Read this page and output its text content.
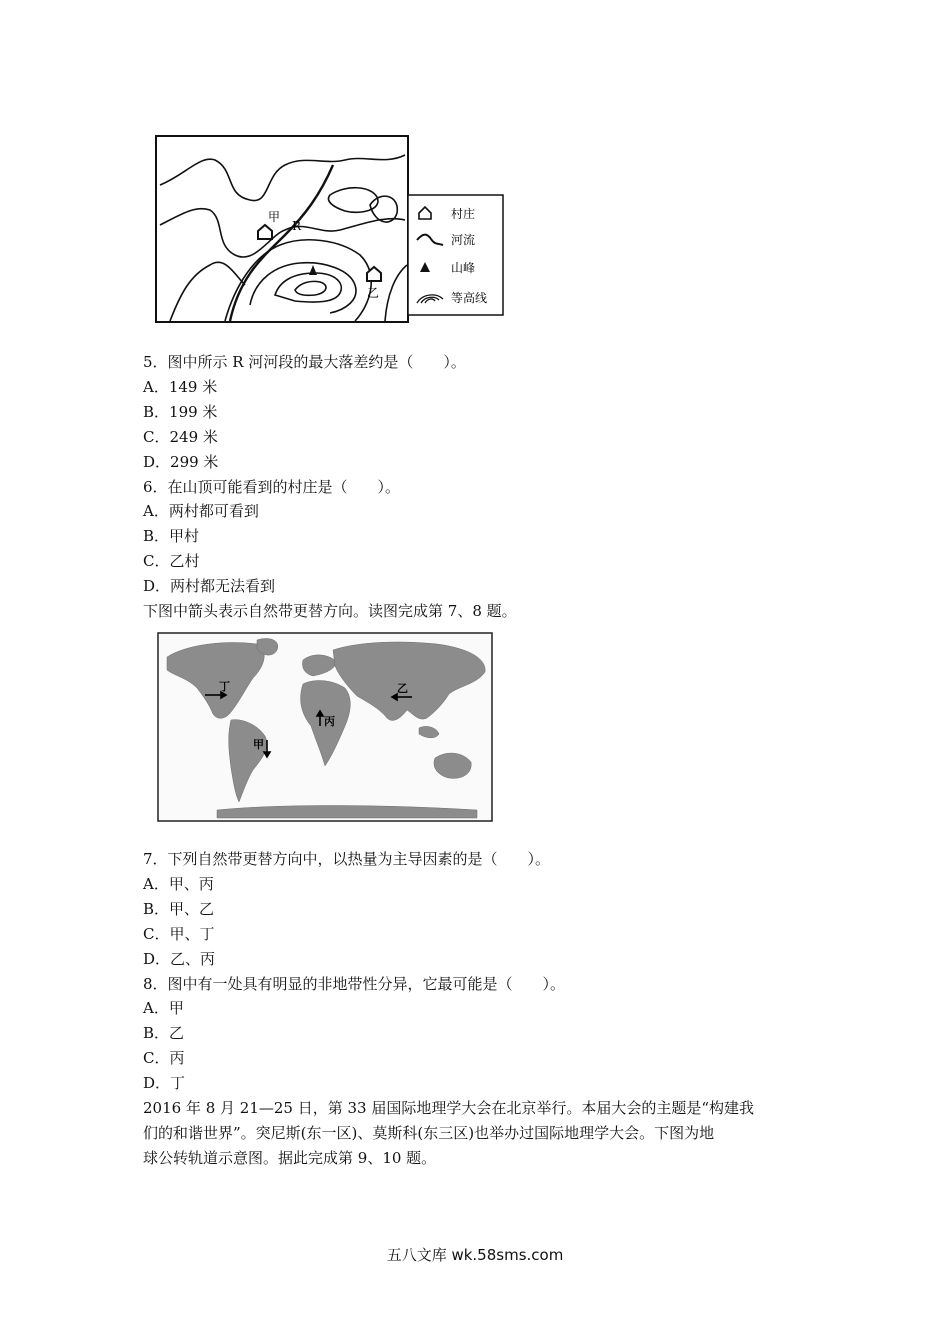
甲
R
乙
村庄
河流
山峰
等高线
5．图中所示 R 河河段的最大落差约是（　　）。
A．149 米
B．199 米
C．249 米
D．299 米
6．在山顶可能看到的村庄是（　　）。
A．两村都可看到
B．甲村
C．乙村
D．两村都无法看到
下图中箭头表示自然带更替方向。读图完成第 7、8 题。
丁	乙
丙
甲
7．下列自然带更替方向中，以热量为主导因素的是（　　）。
A．甲、丙
B．甲、乙
C．甲、丁
D．乙、丙
8．图中有一处具有明显的非地带性分异，它最可能是（　　）。
A．甲
B．乙
C．丙
D．丁
2016 年 8 月 21—25 日，第 33 届国际地理学大会在北京举行。本届大会的主题是“构建我
们的和谐世界”。突尼斯(东一区)、莫斯科(东三区)也举办过国际地理学大会。下图为地
球公转轨道示意图。据此完成第 9、10 题。
五八文库 wk.58sms.com
